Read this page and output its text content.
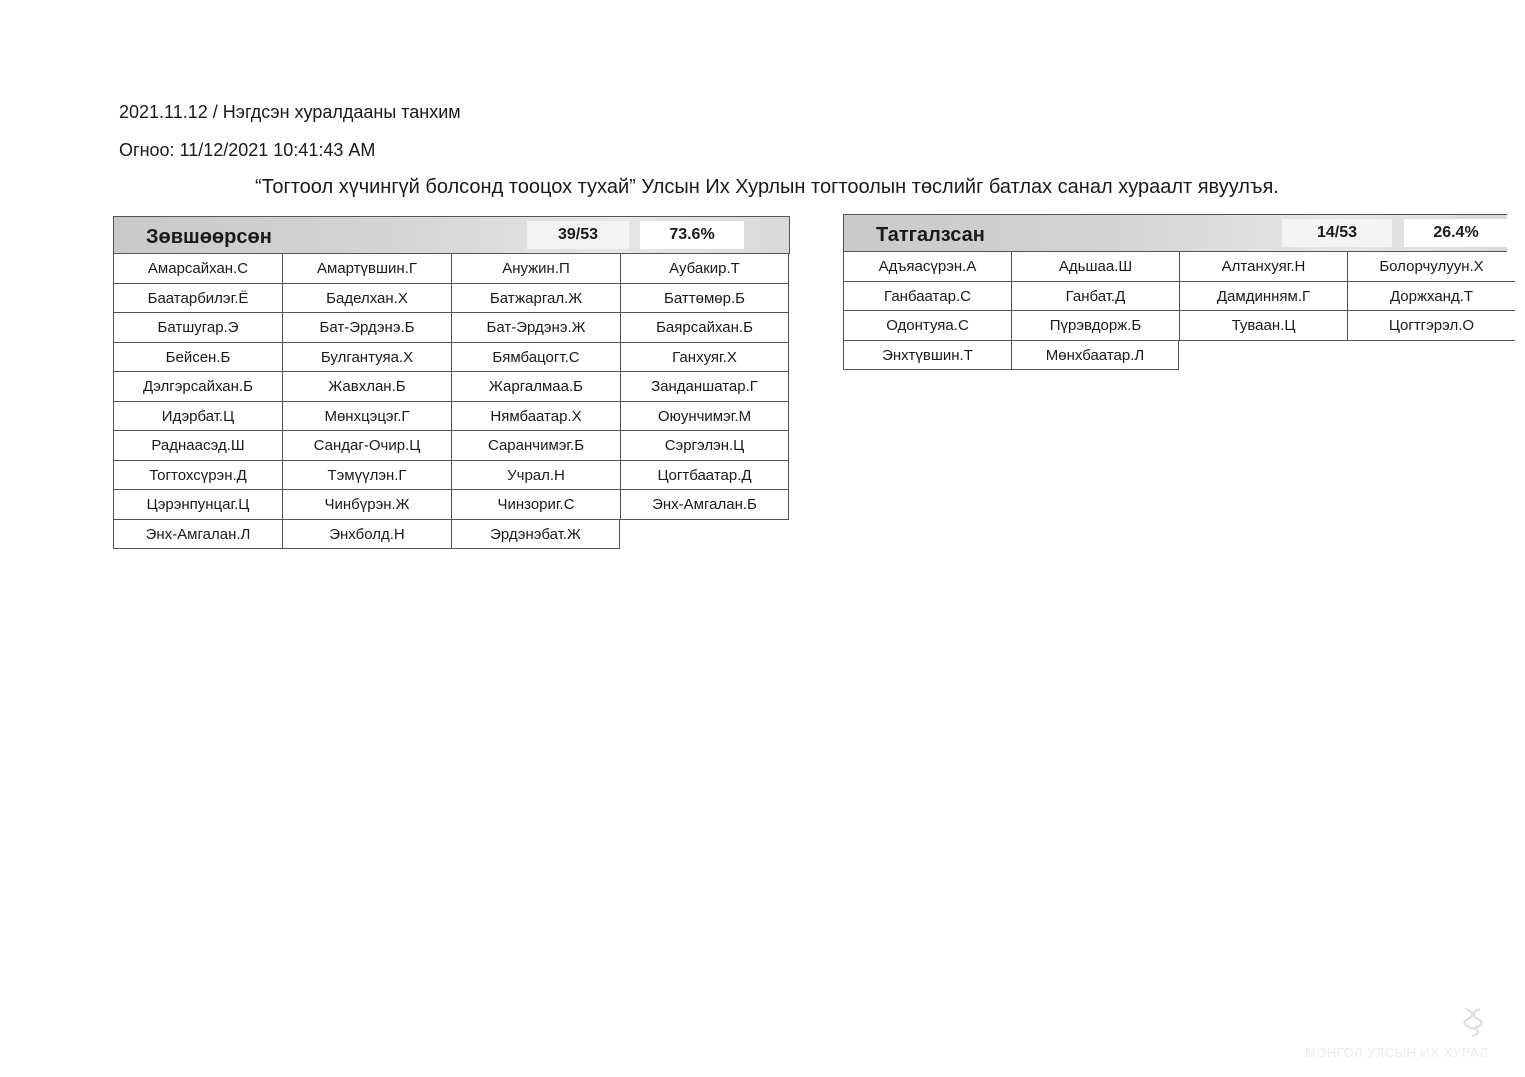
2021.11.12 / Нэгдсэн хуралдааны танхим
Огноо: 11/12/2021 10:41:43 AM
“Тогтоол хүчингүй болсонд тооцох тухай” Улсын Их Хурлын тогтоолын төслийг батлах санал хураалт явуулъя.
Зөвшөөрсөн	39/53	73.6%
Амарсайхан.С	Амартүвшин.Г	Анужин.П	Аубакир.Т
Баатарбилэг.Ё	Баделхан.Х	Батжаргал.Ж	Баттөмөр.Б
Батшугар.Э	Бат-Эрдэнэ.Б	Бат-Эрдэнэ.Ж	Баярсайхан.Б
Бейсен.Б	Булгантуяа.Х	Бямбацогт.С	Ганхуяг.Х
Дэлгэрсайхан.Б	Жавхлан.Б	Жаргалмаа.Б	Занданшатар.Г
Идэрбат.Ц	Мөнхцэцэг.Г	Нямбаатар.Х	Оюунчимэг.М
Раднаасэд.Ш	Сандаг-Очир.Ц	Саранчимэг.Б	Сэргэлэн.Ц
Тогтохсүрэн.Д	Тэмүүлэн.Г	Учрал.Н	Цогтбаатар.Д
Цэрэнпунцаг.Ц	Чинбүрэн.Ж	Чинзориг.С	Энх-Амгалан.Б
Энх-Амгалан.Л	Энхболд.Н	Эрдэнэбат.Ж
Татгалзсан	14/53	26.4%
Адъяасүрэн.А	Адьшаа.Ш	Алтанхуяг.Н	Болорчулуун.Х
Ганбаатар.С	Ганбат.Д	Дамдинням.Г	Доржханд.Т
Одонтуяа.С	Пүрэвдорж.Б	Туваан.Ц	Цогтгэрэл.О
Энхтүвшин.Т	Мөнхбаатар.Л
МОНГОЛ УЛСЫН ИХ ХУРАЛ
